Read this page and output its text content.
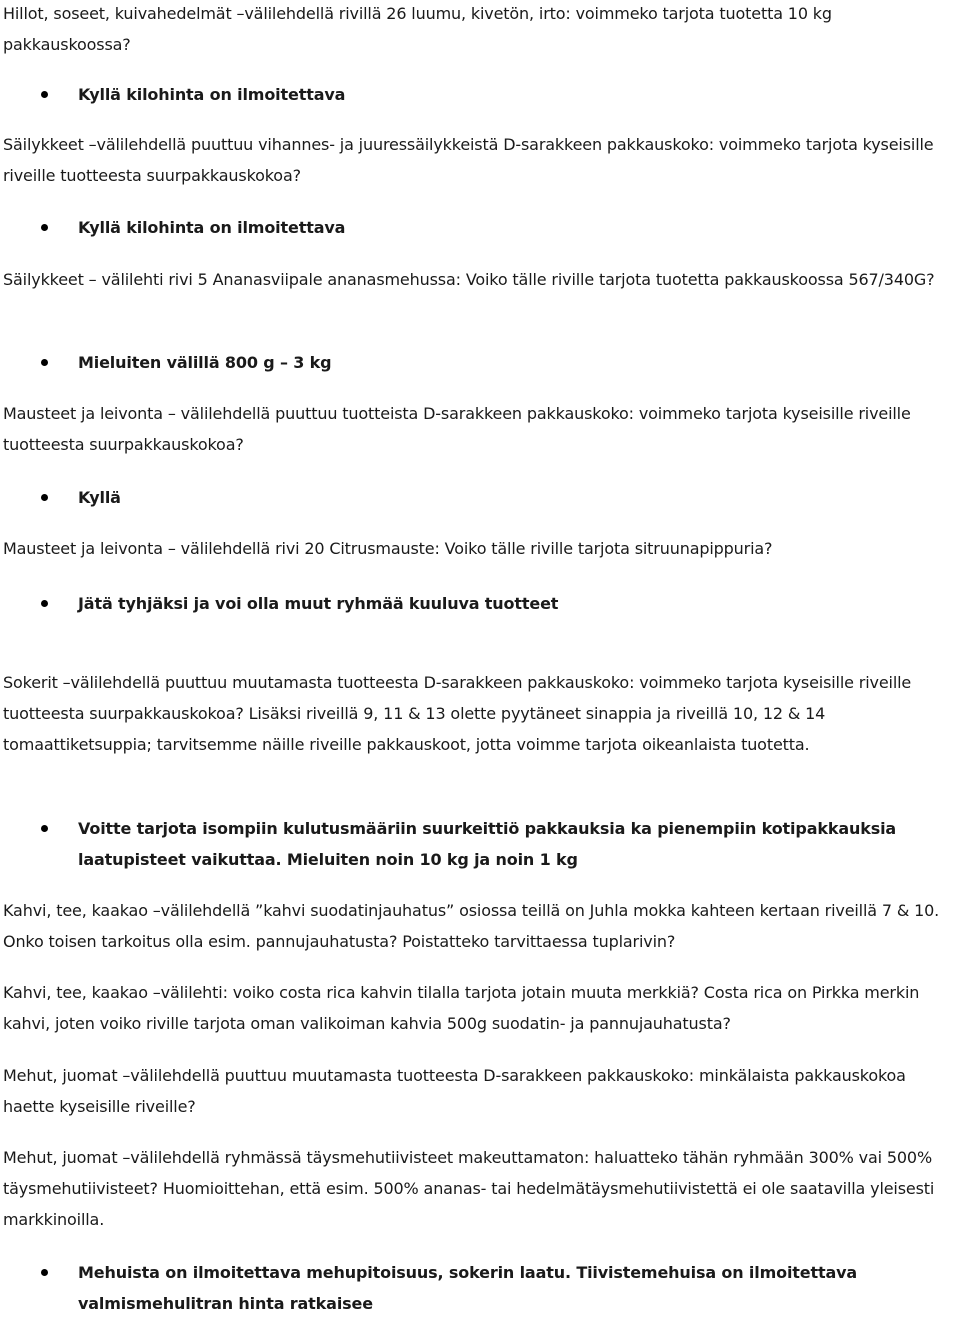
Hillot, soseet, kuivahedelmät –välilehdellä rivillä 26 luumu, kivetön, irto: voimmeko tarjota tuotetta 10 kg pakkauskoossa?

Kyllä kilohinta on ilmoitettava

Säilykkeet –välilehdellä puuttuu vihannes- ja juuressäilykkeistä D-sarakkeen pakkauskoko: voimmeko tarjota kyseisille riveille tuotteesta suurpakkauskokoa?

Kyllä kilohinta on ilmoitettava

Säilykkeet – välilehti rivi 5 Ananasviipale ananasmehussa: Voiko tälle riville tarjota tuotetta pakkauskoossa 567/340G?

Mieluiten välillä 800 g – 3 kg

Mausteet ja leivonta – välilehdellä puuttuu tuotteista D-sarakkeen pakkauskoko: voimmeko tarjota kyseisille riveille tuotteesta suurpakkauskokoa?

Kyllä

Mausteet ja leivonta – välilehdellä rivi 20 Citrusmauste: Voiko tälle riville tarjota sitruunapippuria?

Jätä tyhjäksi ja voi olla muut ryhmää kuuluva tuotteet

Sokerit –välilehdellä puuttuu muutamasta tuotteesta D-sarakkeen pakkauskoko: voimmeko tarjota kyseisille riveille tuotteesta suurpakkauskokoa? Lisäksi riveillä 9, 11 & 13 olette pyytäneet sinappia ja riveillä 10, 12 & 14 tomaattiketsuppia; tarvitsemme näille riveille pakkauskoot, jotta voimme tarjota oikeanlaista tuotetta.

Voitte tarjota isompiin kulutusmääriin suurkeittiö pakkauksia ka pienempiin kotipakkauksia laatupisteet vaikuttaa. Mieluiten noin 10 kg ja noin 1 kg

Kahvi, tee, kaakao –välilehdellä ”kahvi suodatinjauhatus” osiossa teillä on Juhla mokka kahteen kertaan riveillä 7 & 10. Onko toisen tarkoitus olla esim. pannujauhatusta? Poistatteko tarvittaessa tuplarivin?

Kahvi, tee, kaakao –välilehti: voiko costa rica kahvin tilalla tarjota jotain muuta merkkiä? Costa rica on Pirkka merkin kahvi, joten voiko riville tarjota oman valikoiman kahvia 500g suodatin- ja pannujauhatusta?

Mehut, juomat –välilehdellä puuttuu muutamasta tuotteesta D-sarakkeen pakkauskoko: minkälaista pakkauskokoa haette kyseisille riveille?

Mehut, juomat –välilehdellä ryhmässä täysmehutiivisteet makeuttamaton: haluatteko tähän ryhmään 300% vai 500% täysmehutiivisteet? Huomioittehan, että esim. 500% ananas- tai hedelmätäysmehutiivistettä ei ole saatavilla yleisesti markkinoilla.

Mehuista on ilmoitettava mehupitoisuus, sokerin laatu. Tiivistemehuisa on ilmoitettava valmismehulitran hinta ratkaisee
